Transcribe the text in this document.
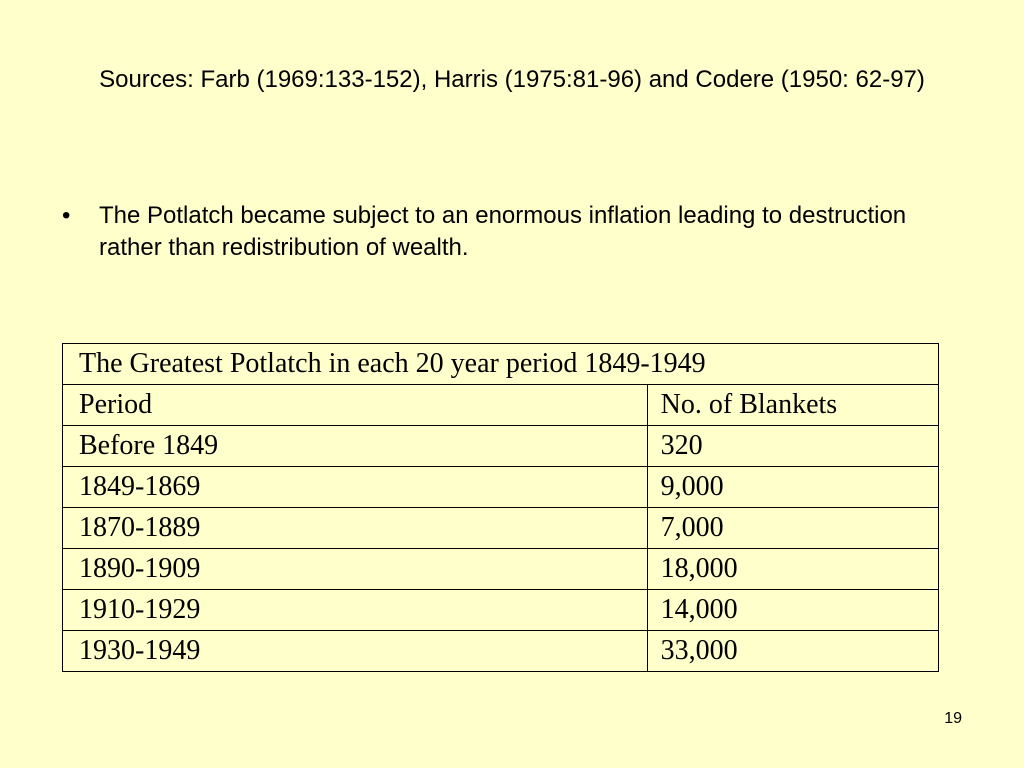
Sources: Farb (1969:133-152), Harris (1975:81-96) and Codere (1950: 62-97)
• The Potlatch became subject to an enormous inflation leading to destruction rather than redistribution of wealth.
The Greatest Potlatch in each 20 year period 1849-1949	
Period	No. of Blankets
Before 1849	320
1849-1869	9,000
1870-1889	7,000
1890-1909	18,000
1910-1929	14,000
1930-1949	33,000
19
